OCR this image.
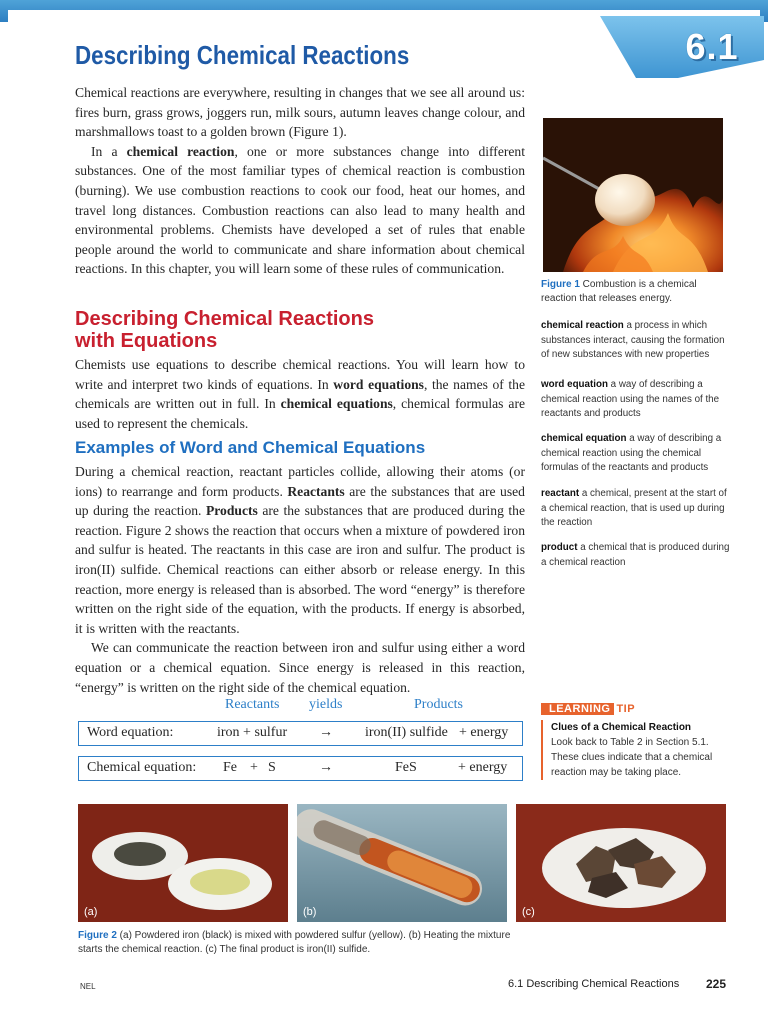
6.1
Describing Chemical Reactions

Chemical reactions are everywhere, resulting in changes that we see all around us: fires burn, grass grows, joggers run, milk sours, autumn leaves change colour, and marshmallows toast to a golden brown (Figure 1).

In a chemical reaction, one or more substances change into different substances. One of the most familiar types of chemical reaction is combustion (burning). We use combustion reactions to cook our food, heat our homes, and travel long distances. Combustion reactions can also lead to many health and environmental problems. Chemists have developed a set of rules that enable people around the world to communicate and share information about chemical reactions. In this chapter, you will learn some of these rules of communication.

Describing Chemical Reactions
with Equations

Chemists use equations to describe chemical reactions. You will learn how to write and interpret two kinds of equations. In word equations, the names of the chemicals are written out in full. In chemical equations, chemical formulas are used to represent the chemicals.

Examples of Word and Chemical Equations

During a chemical reaction, reactant particles collide, allowing their atoms (or ions) to rearrange and form products. Reactants are the substances that are used up during the reaction. Products are the substances that are produced during the reaction. Figure 2 shows the reaction that occurs when a mixture of powdered iron and sulfur is heated. The reactants in this case are iron and sulfur. The product is iron(II) sulfide. Chemical reactions can either absorb or release energy. In this reaction, more energy is released than is absorbed. The word “energy” is therefore written on the right side of the equation, with the products. If energy is absorbed, it is written with the reactants.

We can communicate the reaction between iron and sulfur using either a word equation or a chemical equation. Since energy is released in this reaction, “energy” is written on the right side of the chemical equation.

Reactants yields	Products
Word equation:	iron + sulfur → iron(II) sulfide + energy
Chemical equation: Fe + S	→	FeS	+ energy
Figure 1 Combustion is a chemical reaction that releases energy.
chemical reaction a process in which substances interact, causing the formation of new substances with new properties
word equation a way of describing a chemical reaction using the names of the reactants and products
chemical equation a way of describing a chemical reaction using the chemical formulas of the reactants and products
reactant a chemical, present at the start of a chemical reaction, that is used up during the reaction
product a chemical that is produced during a chemical reaction
LEARNING TIP
Clues of a Chemical Reaction
Look back to Table 2 in Section 5.1. These clues indicate that a chemical reaction may be taking place.
(a)	(b)	(c)
Figure 2 (a) Powdered iron (black) is mixed with powdered sulfur (yellow). (b) Heating the mixture starts the chemical reaction. (c) The final product is iron(II) sulfide.
NEL	6.1 Describing Chemical Reactions 225
